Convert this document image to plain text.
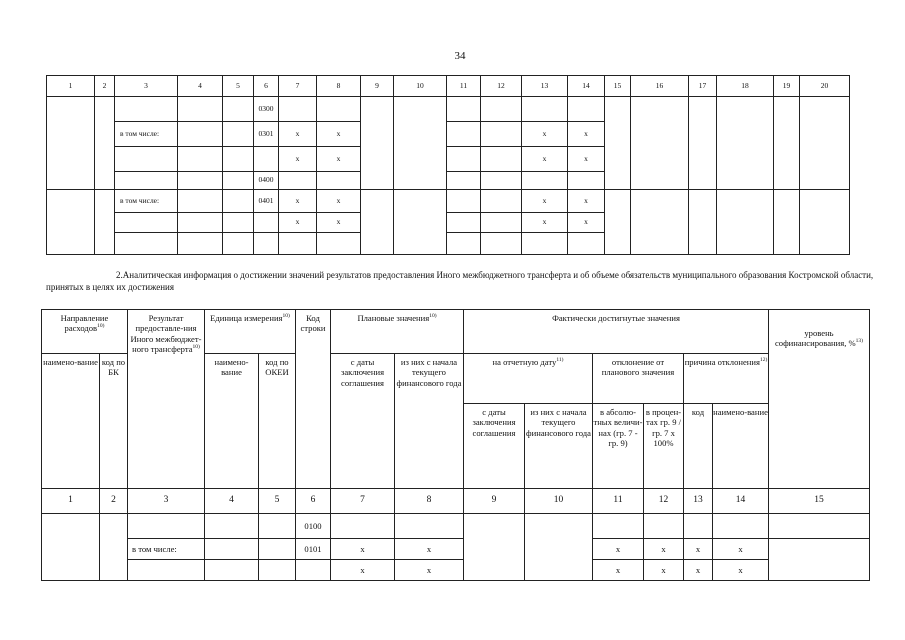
34
1	2	3	4	5	6	7	8	9	10	11	12	13	14	15	16	17	18	19	20
					0300														
		в том числе:			0301	x	x					x	x						
						x	x					x	x						
					0400														
		в том числе:			0401	x	x					x	x						
						x	x					x	x						

2.Аналитическая информация о достижении значений результатов предоставления Иного межбюджетного трансферта и об объеме обязательств муниципального образования Костромской области, принятых в целях их достижения
Направление расходов$^{10)}$		Результат предоставле-ния Иного межбюджет-ного трансферта$^{10)}$	Единица измерения$^{10)}$		Код строки	Плановые значения$^{10)}$		Фактически достигнутые значения						уровень софинансирования, %$^{13)}$
наимено-вание	код по БК		наимено-вание	код по ОКЕИ		с даты заключения соглашения	из них с начала текущего финансового года	на отчетную дату$^{11)}$		отклонение от планового значения		причина отклонения$^{12)}$
								с даты заключения соглашения	из них с начала текущего финансового года	в абсолю-тных величи-нах (гр. 7 - гр. 9)	в процен-тах гр. 9 / гр. 7 х 100%	код	наимено-вание	
1	2	3	4	5	6	7	8	9	10	11	12	13	14	15
					0100									
		в том числе:			0101	х	х			х	х	х	х	
						х	х			х	х	х	х	
